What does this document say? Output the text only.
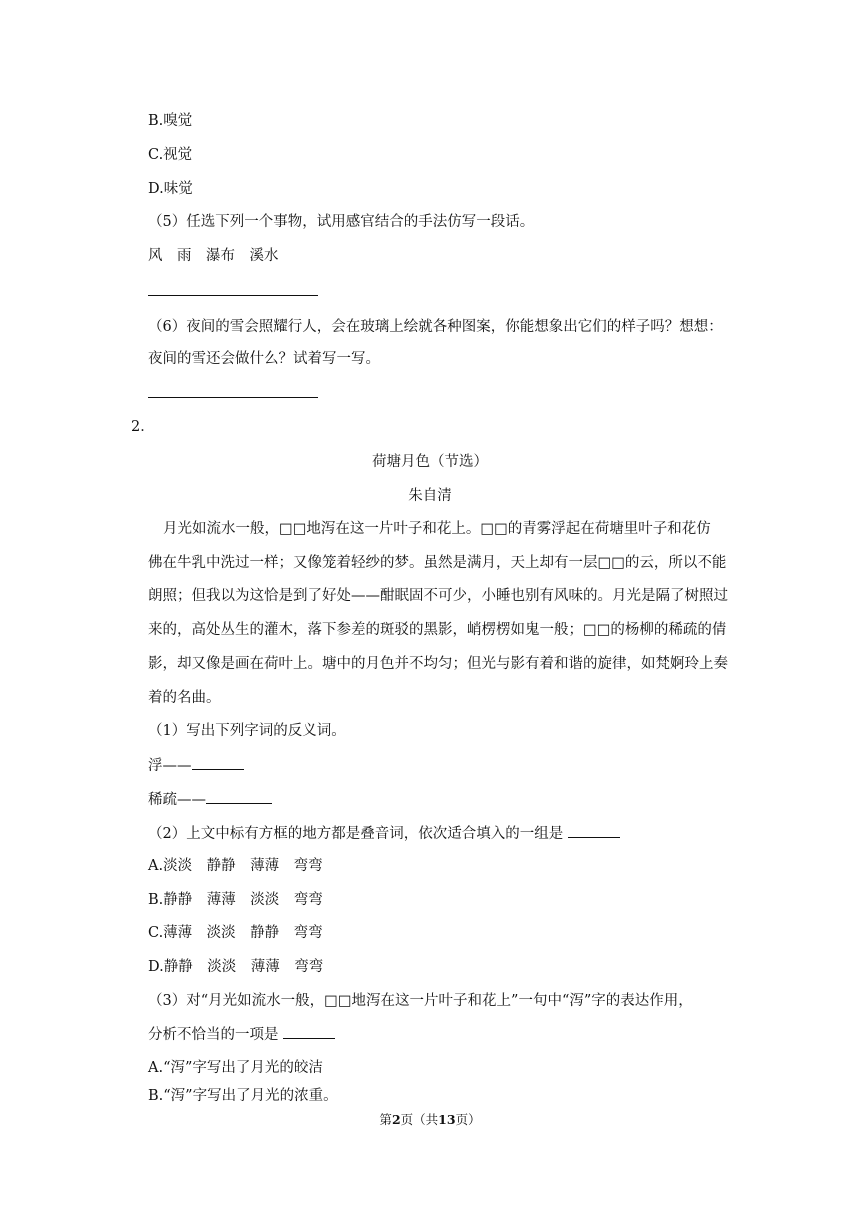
B.嗅觉
C.视觉
D.味觉
（5）任选下列一个事物，试用感官结合的手法仿写一段话。
风　雨　瀑布　溪水
（6）夜间的雪会照耀行人，会在玻璃上绘就各种图案，你能想象出它们的样子吗？想想：
夜间的雪还会做什么？试着写一写。
2．
荷塘月色（节选）
朱自清
月光如流水一般，□□地泻在这一片叶子和花上。□□的青雾浮起在荷塘里叶子和花仿
佛在牛乳中洗过一样；又像笼着轻纱的梦。虽然是满月，天上却有一层□□的云，所以不能
朗照；但我以为这恰是到了好处——酣眠固不可少，小睡也别有风味的。月光是隔了树照过
来的，高处丛生的灌木，落下参差的斑驳的黑影，峭楞楞如鬼一般；□□的杨柳的稀疏的倩
影，却又像是画在荷叶上。塘中的月色并不均匀；但光与影有着和谐的旋律，如梵婀玲上奏
着的名曲。
（1）写出下列字词的反义词。
浮——
稀疏——
（2）上文中标有方框的地方都是叠音词，依次适合填入的一组是
A.淡淡　静静　薄薄　弯弯
B.静静　薄薄　淡淡　弯弯
C.薄薄　淡淡　静静　弯弯
D.静静　淡淡　薄薄　弯弯
（3）对“月光如流水一般，□□地泻在这一片叶子和花上”一句中“泻”字的表达作用，
分析不恰当的一项是
A.“泻”字写出了月光的皎洁
B.“泻”字写出了月光的浓重。
第2页（共13页）
